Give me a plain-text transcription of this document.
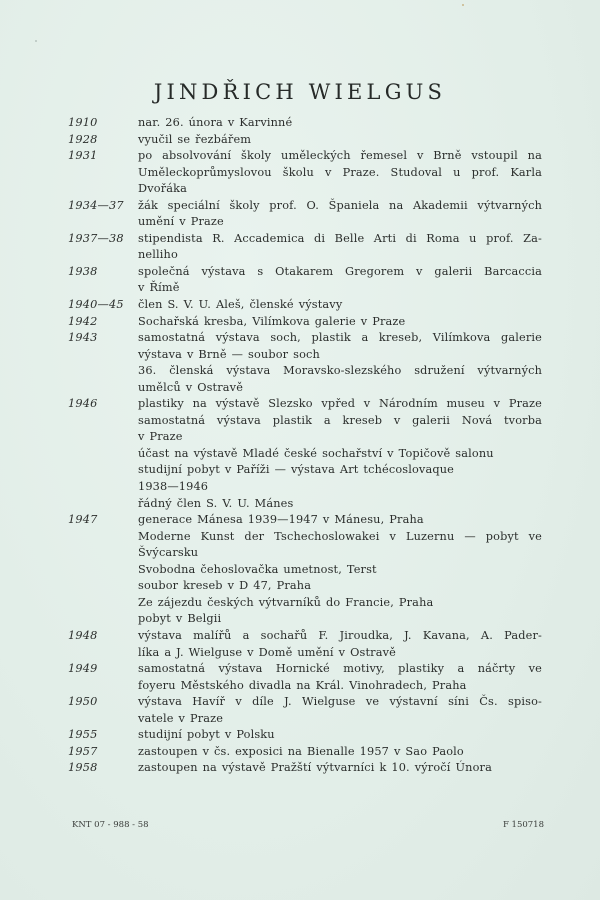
JINDŘICH WIELGUS
1910	nar. 26. února v Karvinné
1928	vyučil se řezbářem
1931	po absolvování školy uměleckých řemesel v Brně vstoupil na
Uměleckoprůmyslovou školu v Praze. Studoval u prof. Karla
Dvořáka
1934—37	žák speciální školy prof. O. Španiela na Akademii výtvarných
umění v Praze
1937—38	stipendista R. Accademica di Belle Arti di Roma u prof. Za-
nelliho
1938	společná výstava s Otakarem Gregorem v galerii Barcaccia
v Římě
1940—45	člen S. V. U. Aleš, členské výstavy
1942	Sochařská kresba, Vilímkova galerie v Praze
1943	samostatná výstava soch, plastik a kreseb, Vilímkova galerie
výstava v Brně — soubor soch
36. členská výstava Moravsko-slezského sdružení výtvarných
umělců v Ostravě
1946	plastiky na výstavě Slezsko vpřed v Národním museu v Praze
samostatná výstava plastik a kreseb v galerii Nová tvorba
v Praze
účast na výstavě Mladé české sochařství v Topičově salonu
studijní pobyt v Paříži — výstava Art tchécoslovaque
1938—1946
řádný člen S. V. U. Mánes
1947	generace Mánesa 1939—1947 v Mánesu, Praha
Moderne Kunst der Tschechoslowakei v Luzernu — pobyt ve
Švýcarsku
Svobodna čehoslovačka umetnost, Terst
soubor kreseb v D 47, Praha
Ze zájezdu českých výtvarníků do Francie, Praha
pobyt v Belgii
1948	výstava malířů a sochařů F. Jiroudka, J. Kavana, A. Pader-
líka a J. Wielguse v Domě umění v Ostravě
1949	samostatná výstava Hornické motivy, plastiky a náčrty ve
foyeru Městského divadla na Král. Vinohradech, Praha
1950	výstava Havíř v díle J. Wielguse ve výstavní síni Čs. spiso-
vatele v Praze
1955	studijní pobyt v Polsku
1957	zastoupen v čs. exposici na Bienalle 1957 v Sao Paolo
1958	zastoupen na výstavě Pražští výtvarníci k 10. výročí Února
KNT 07 - 988 - 58	F 150718
